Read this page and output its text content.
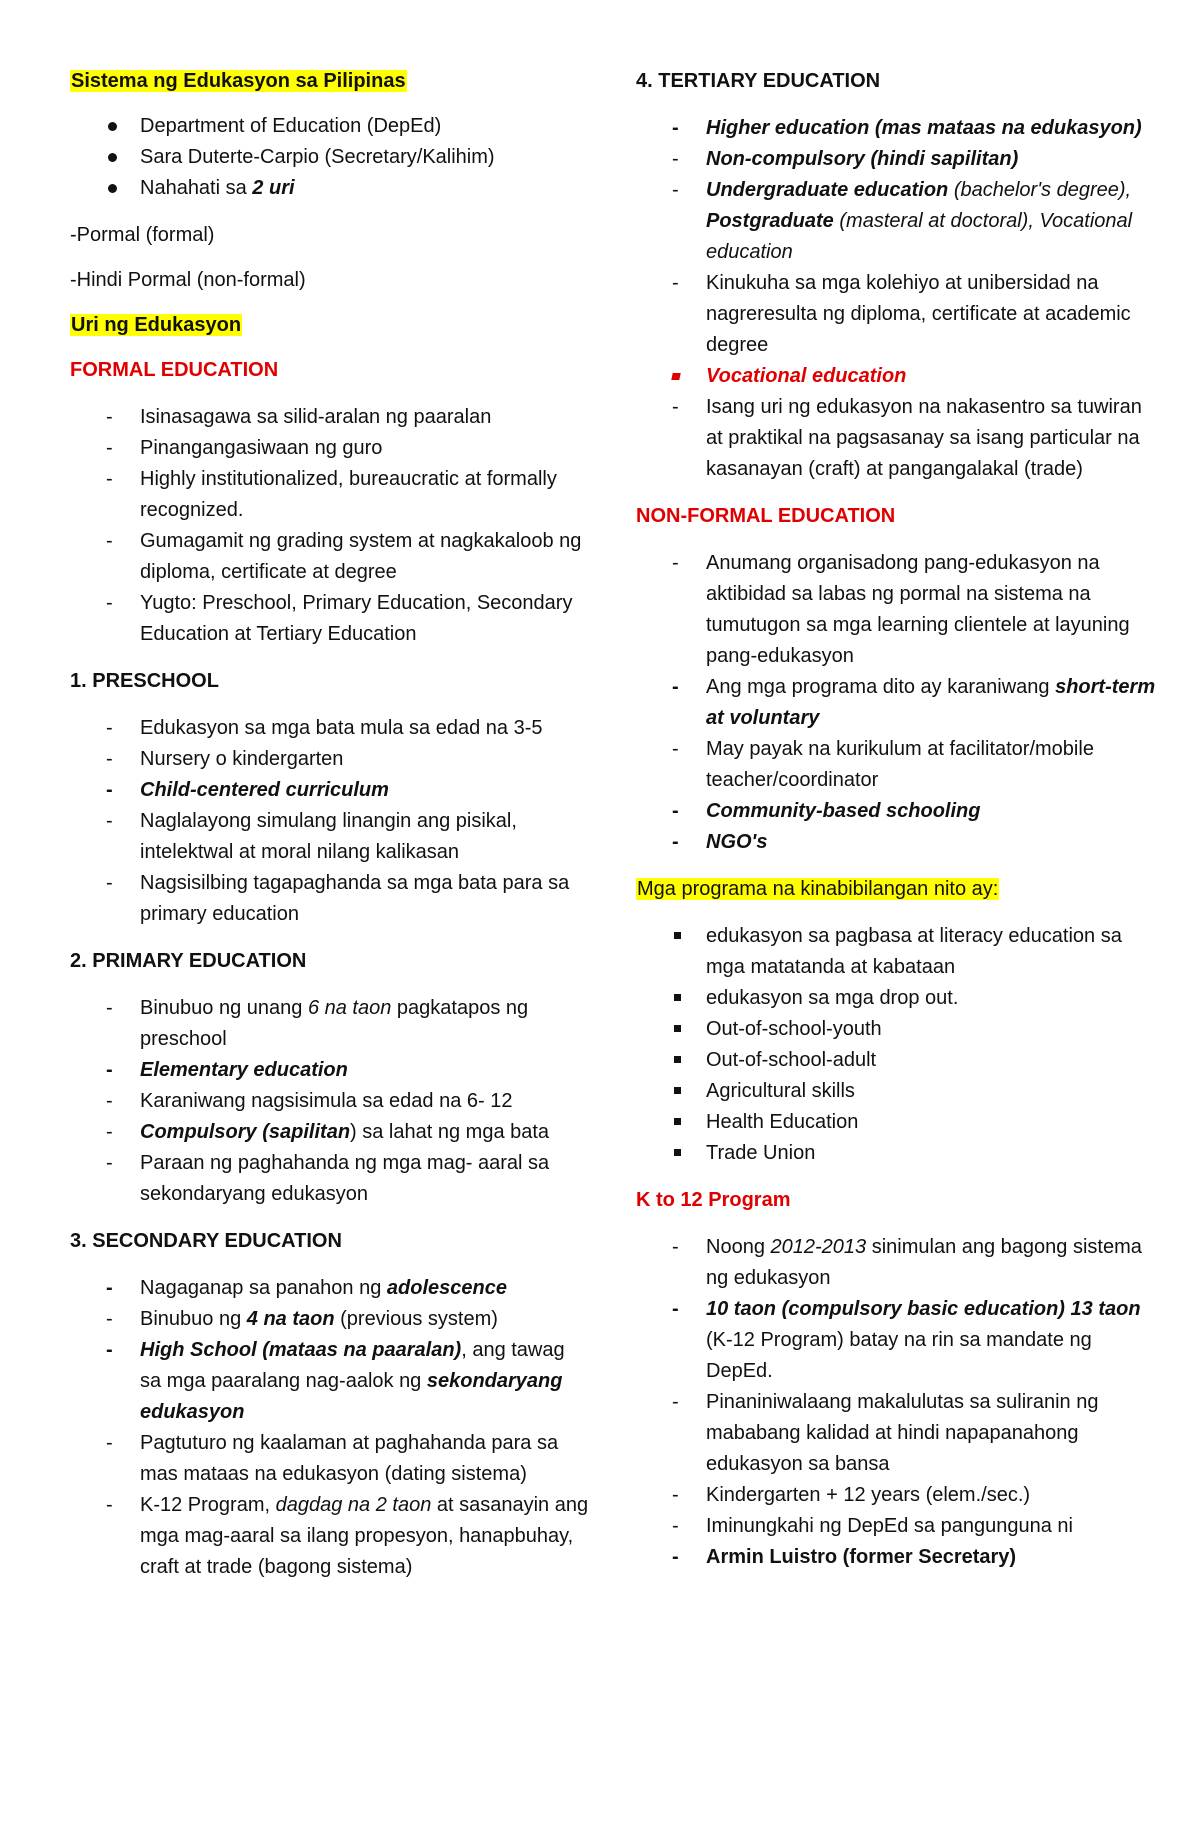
Sistema ng Edukasyon sa Pilipinas

Department of Education (DepEd)
Sara Duterte-Carpio (Secretary/Kalihim)
Nahahati sa 2 uri

-Pormal (formal)

-Hindi Pormal (non-formal)

Uri ng Edukasyon

FORMAL EDUCATION

-	Isinasagawa sa silid-aralan ng paaralan
-	Pinangangasiwaan ng guro
-	Highly institutionalized, bureaucratic at formally recognized.
-	Gumagamit ng grading system at nagkakaloob ng diploma, certificate at degree
-	Yugto: Preschool, Primary Education, Secondary Education at Tertiary Education

1. PRESCHOOL

-	Edukasyon sa mga bata mula sa edad na 3-5
-	Nursery o kindergarten
-	Child-centered curriculum
-	Naglalayong simulang linangin ang pisikal, intelektwal at moral nilang kalikasan
-	Nagsisilbing tagapaghanda sa mga bata para sa primary education

2. PRIMARY EDUCATION

-	Binubuo ng unang 6 na taon pagkatapos ng preschool
-	Elementary education
-	Karaniwang nagsisimula sa edad na 6- 12
-	Compulsory (sapilitan) sa lahat ng mga bata
-	Paraan ng paghahanda ng mga mag- aaral sa sekondaryang edukasyon

3. SECONDARY EDUCATION

-	Nagaganap sa panahon ng adolescence
-	Binubuo ng 4 na taon (previous system)
-	High School (mataas na paaralan), ang tawag sa mga paaralang nag-aalok ng sekondaryang edukasyon
-	Pagtuturo ng kaalaman at paghahanda para sa mas mataas na edukasyon (dating sistema)
-	K-12 Program, dagdag na 2 taon at sasanayin ang mga mag-aaral sa ilang propesyon, hanapbuhay, craft at trade (bagong sistema)

4. TERTIARY EDUCATION

-	Higher education (mas mataas na edukasyon)
-	Non-compulsory (hindi sapilitan)
-	Undergraduate education (bachelor's degree), Postgraduate (masteral at doctoral), Vocational education
-	Kinukuha sa mga kolehiyo at unibersidad na nagreresulta ng diploma, certificate at academic degree
Vocational education
-	Isang uri ng edukasyon na nakasentro sa tuwiran at praktikal na pagsasanay sa isang particular na kasanayan (craft) at pangangalakal (trade)

NON-FORMAL EDUCATION

-	Anumang organisadong pang-edukasyon na aktibidad sa labas ng pormal na sistema na tumutugon sa mga learning clientele at layuning pang-edukasyon
-	Ang mga programa dito ay karaniwang short-term at voluntary
-	May payak na kurikulum at facilitator/mobile teacher/coordinator
-	Community-based schooling
-	NGO's

Mga programa na kinabibilangan nito ay:

edukasyon sa pagbasa at literacy education sa mga matatanda at kabataan
edukasyon sa mga drop out.
Out-of-school-youth
Out-of-school-adult
Agricultural skills
Health Education
Trade Union

K to 12 Program

-	Noong 2012-2013 sinimulan ang bagong sistema ng edukasyon
-	10 taon (compulsory basic education) 13 taon (K-12 Program) batay na rin sa mandate ng DepEd.
-	Pinaniniwalaang makalulutas sa suliranin ng mababang kalidad at hindi napapanahong edukasyon sa bansa
-	Kindergarten + 12 years (elem./sec.)
-	Iminungkahi ng DepEd sa pangunguna ni
-	Armin Luistro (former Secretary)
